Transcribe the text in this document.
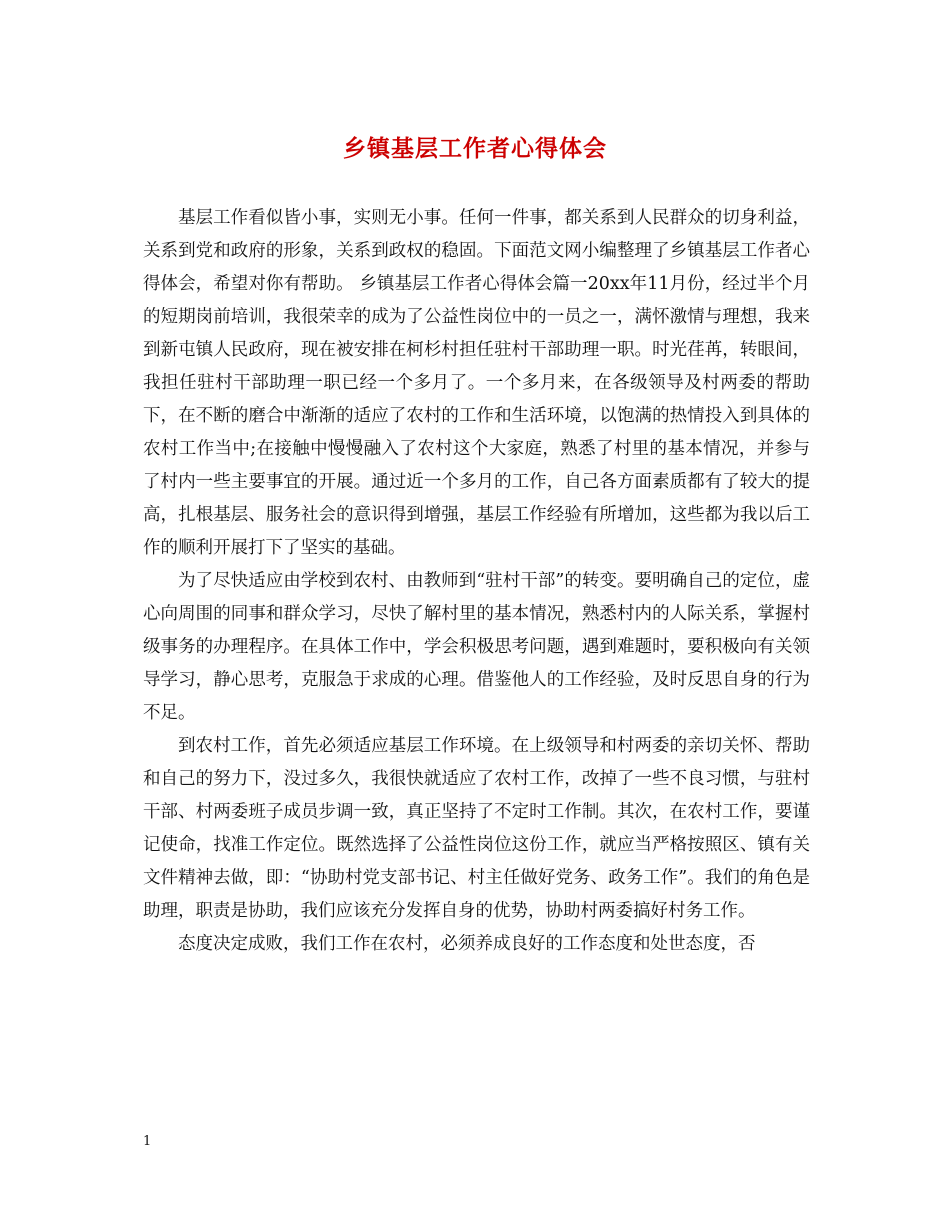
乡镇基层工作者心得体会

基层工作看似皆小事，实则无小事。任何一件事，都关系到人民群众的切身利益，关系到党和政府的形象，关系到政权的稳固。下面范文网小编整理了乡镇基层工作者心得体会，希望对你有帮助。 乡镇基层工作者心得体会篇一20xx年11月份，经过半个月的短期岗前培训，我很荣幸的成为了公益性岗位中的一员之一，满怀激情与理想，我来到新屯镇人民政府，现在被安排在柯杉村担任驻村干部助理一职。时光荏苒，转眼间，我担任驻村干部助理一职已经一个多月了。一个多月来，在各级领导及村两委的帮助下，在不断的磨合中渐渐的适应了农村的工作和生活环境，以饱满的热情投入到具体的农村工作当中;在接触中慢慢融入了农村这个大家庭，熟悉了村里的基本情况，并参与了村内一些主要事宜的开展。通过近一个多月的工作，自己各方面素质都有了较大的提高，扎根基层、服务社会的意识得到增强，基层工作经验有所增加，这些都为我以后工作的顺利开展打下了坚实的基础。

为了尽快适应由学校到农村、由教师到“驻村干部”的转变。要明确自己的定位，虚心向周围的同事和群众学习，尽快了解村里的基本情况，熟悉村内的人际关系，掌握村级事务的办理程序。在具体工作中，学会积极思考问题，遇到难题时，要积极向有关领导学习，静心思考，克服急于求成的心理。借鉴他人的工作经验，及时反思自身的行为不足。

到农村工作，首先必须适应基层工作环境。在上级领导和村两委的亲切关怀、帮助和自己的努力下，没过多久，我很快就适应了农村工作，改掉了一些不良习惯，与驻村干部、村两委班子成员步调一致，真正坚持了不定时工作制。其次，在农村工作，要谨记使命，找准工作定位。既然选择了公益性岗位这份工作，就应当严格按照区、镇有关文件精神去做，即：“协助村党支部书记、村主任做好党务、政务工作”。我们的角色是助理，职责是协助，我们应该充分发挥自身的优势，协助村两委搞好村务工作。

态度决定成败，我们工作在农村，必须养成良好的工作态度和处世态度，否

1
